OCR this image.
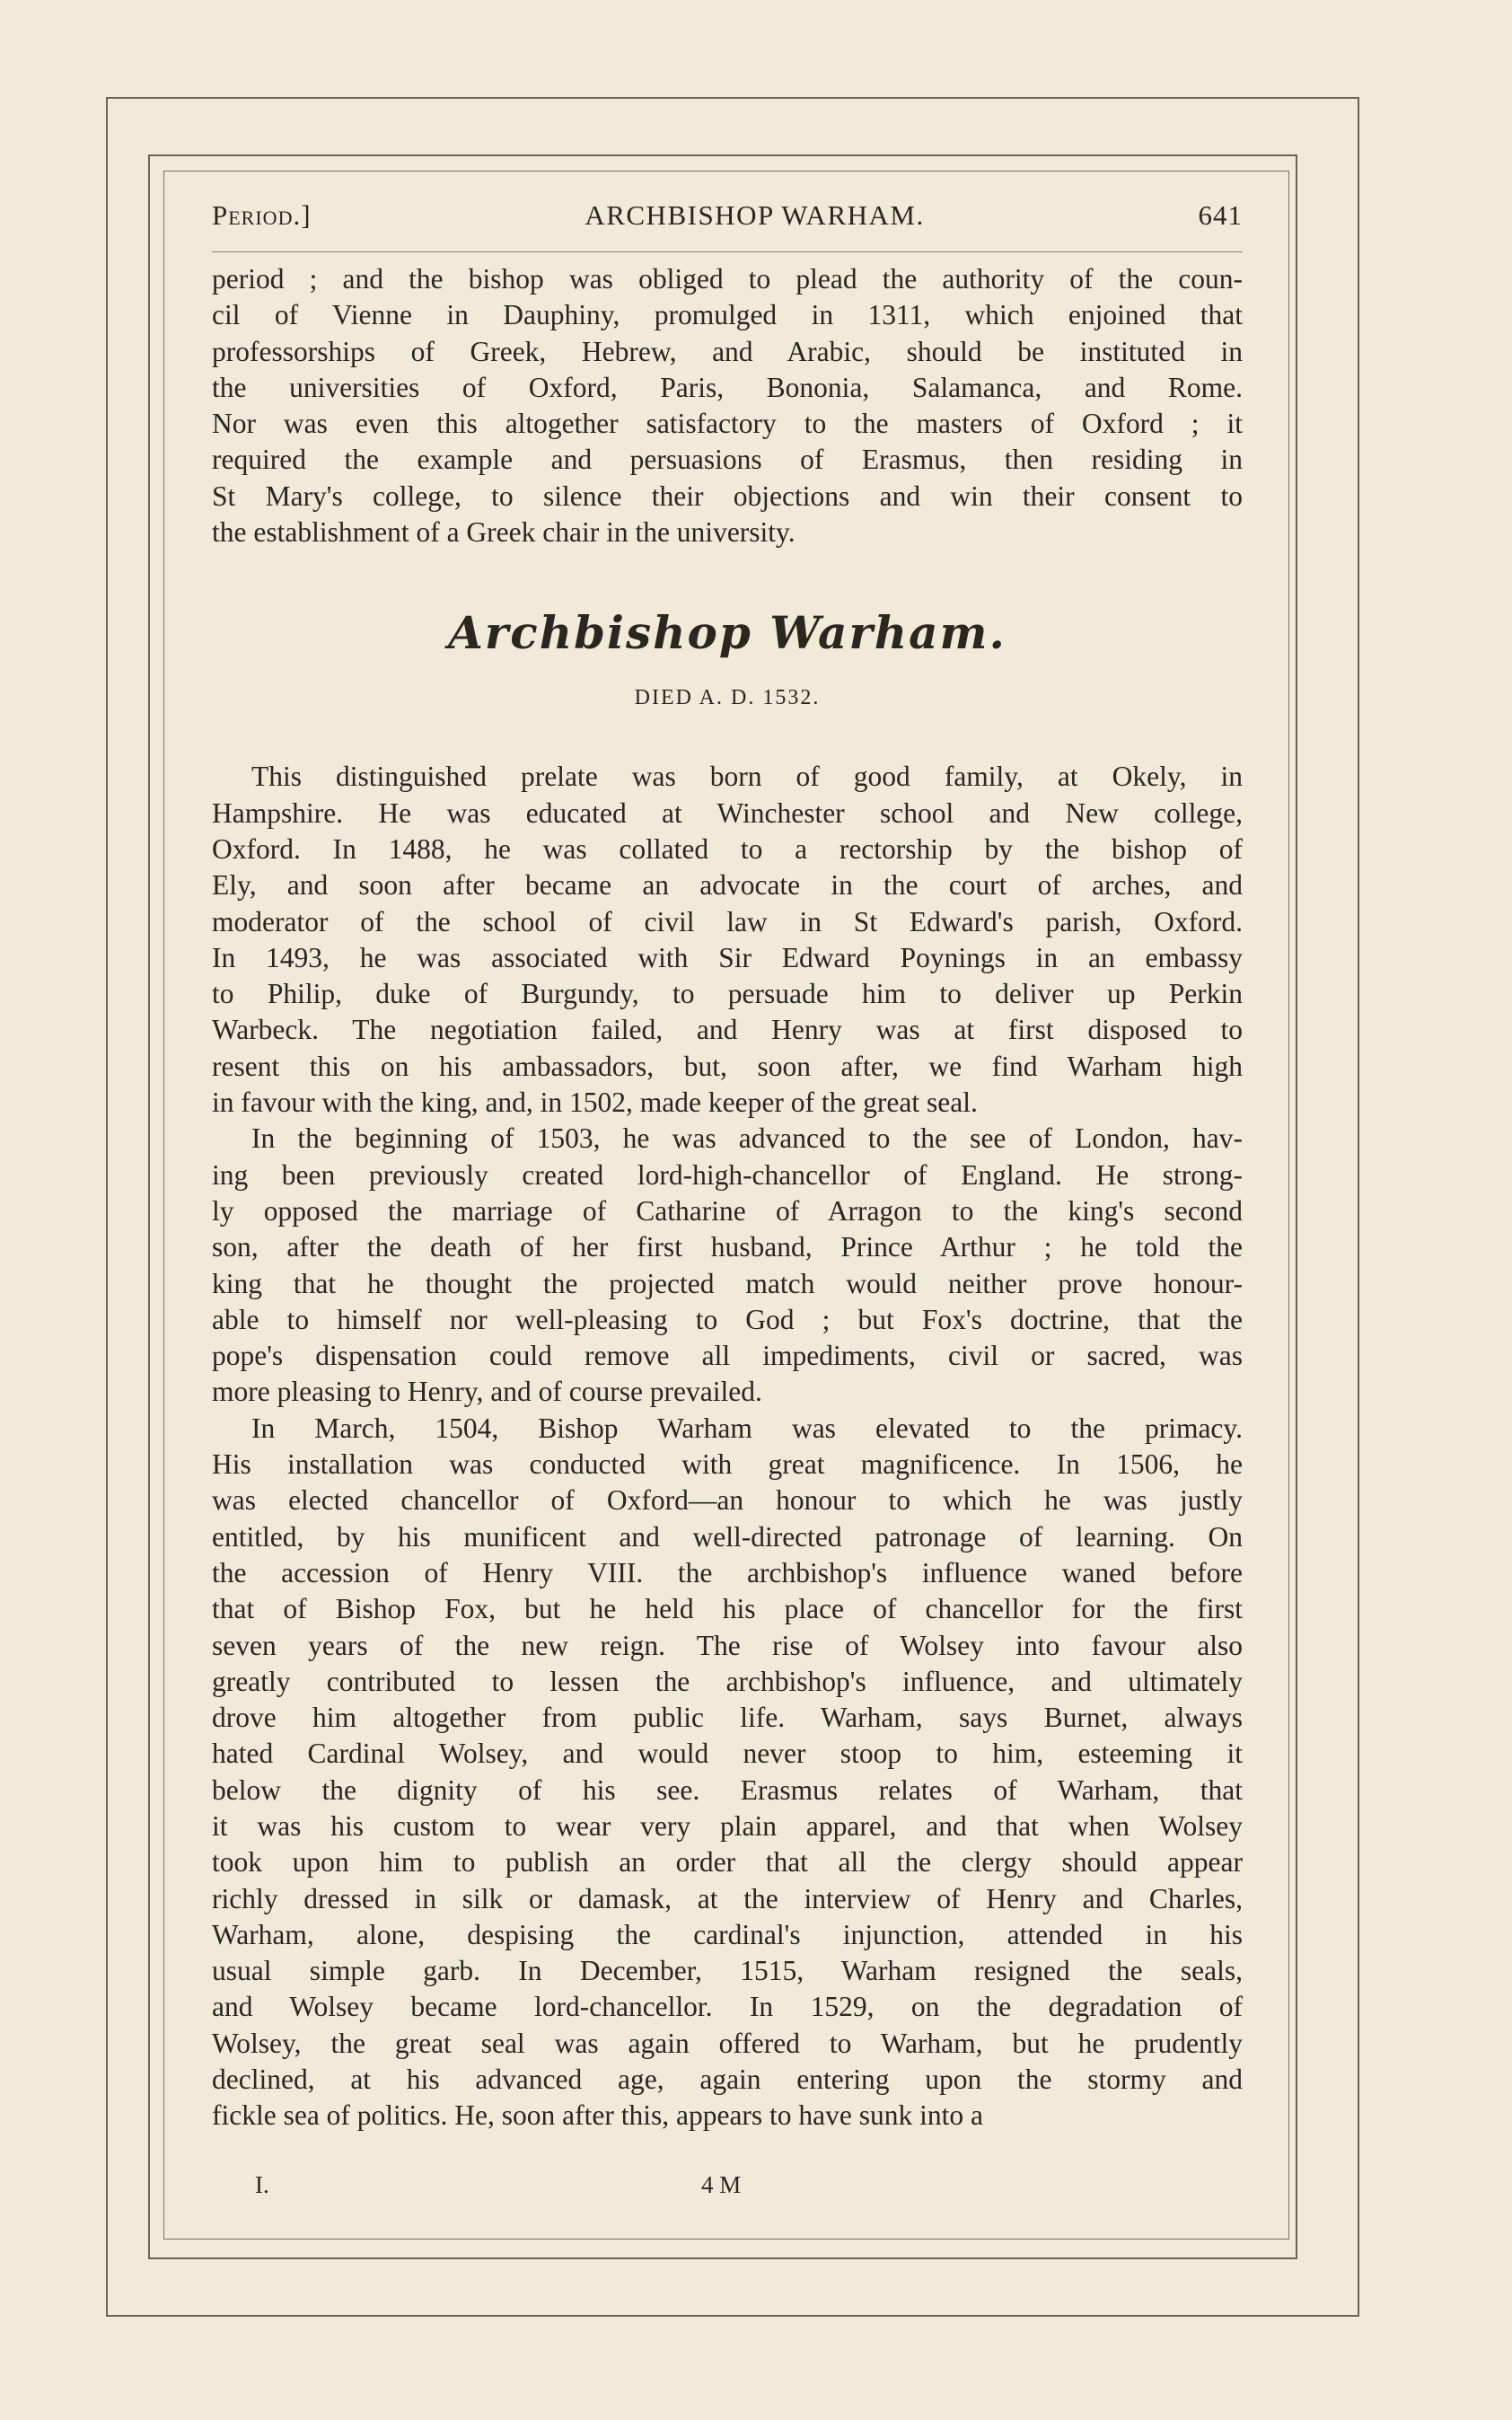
Period.]	ARCHBISHOP WARHAM.	641

period ; and the bishop was obliged to plead the authority of the coun-

cil of Vienne in Dauphiny, promulged in 1311, which enjoined that

professorships of Greek, Hebrew, and Arabic, should be instituted in

the universities of Oxford, Paris, Bononia, Salamanca, and Rome.

Nor was even this altogether satisfactory to the masters of Oxford ; it

required the example and persuasions of Erasmus, then residing in

St Mary's college, to silence their objections and win their consent to

the establishment of a Greek chair in the university.

Archbishop Warham.
DIED A. D. 1532.

This distinguished prelate was born of good family, at Okely, in

Hampshire. He was educated at Winchester school and New college,

Oxford. In 1488, he was collated to a rectorship by the bishop of

Ely, and soon after became an advocate in the court of arches, and

moderator of the school of civil law in St Edward's parish, Oxford.

In 1493, he was associated with Sir Edward Poynings in an embassy

to Philip, duke of Burgundy, to persuade him to deliver up Perkin

Warbeck. The negotiation failed, and Henry was at first disposed to

resent this on his ambassadors, but, soon after, we find Warham high

in favour with the king, and, in 1502, made keeper of the great seal.

In the beginning of 1503, he was advanced to the see of London, hav-

ing been previously created lord-high-chancellor of England. He strong-

ly opposed the marriage of Catharine of Arragon to the king's second

son, after the death of her first husband, Prince Arthur ; he told the

king that he thought the projected match would neither prove honour-

able to himself nor well-pleasing to God ; but Fox's doctrine, that the

pope's dispensation could remove all impediments, civil or sacred, was

more pleasing to Henry, and of course prevailed.

In March, 1504, Bishop Warham was elevated to the primacy.

His installation was conducted with great magnificence. In 1506, he

was elected chancellor of Oxford—an honour to which he was justly

entitled, by his munificent and well-directed patronage of learning. On

the accession of Henry VIII. the archbishop's influence waned before

that of Bishop Fox, but he held his place of chancellor for the first

seven years of the new reign. The rise of Wolsey into favour also

greatly contributed to lessen the archbishop's influence, and ultimately

drove him altogether from public life. Warham, says Burnet, always

hated Cardinal Wolsey, and would never stoop to him, esteeming it

below the dignity of his see. Erasmus relates of Warham, that

it was his custom to wear very plain apparel, and that when Wolsey

took upon him to publish an order that all the clergy should appear

richly dressed in silk or damask, at the interview of Henry and Charles,

Warham, alone, despising the cardinal's injunction, attended in his

usual simple garb. In December, 1515, Warham resigned the seals,

and Wolsey became lord-chancellor. In 1529, on the degradation of

Wolsey, the great seal was again offered to Warham, but he prudently

declined, at his advanced age, again entering upon the stormy and

fickle sea of politics. He, soon after this, appears to have sunk into a

I.	4 M
